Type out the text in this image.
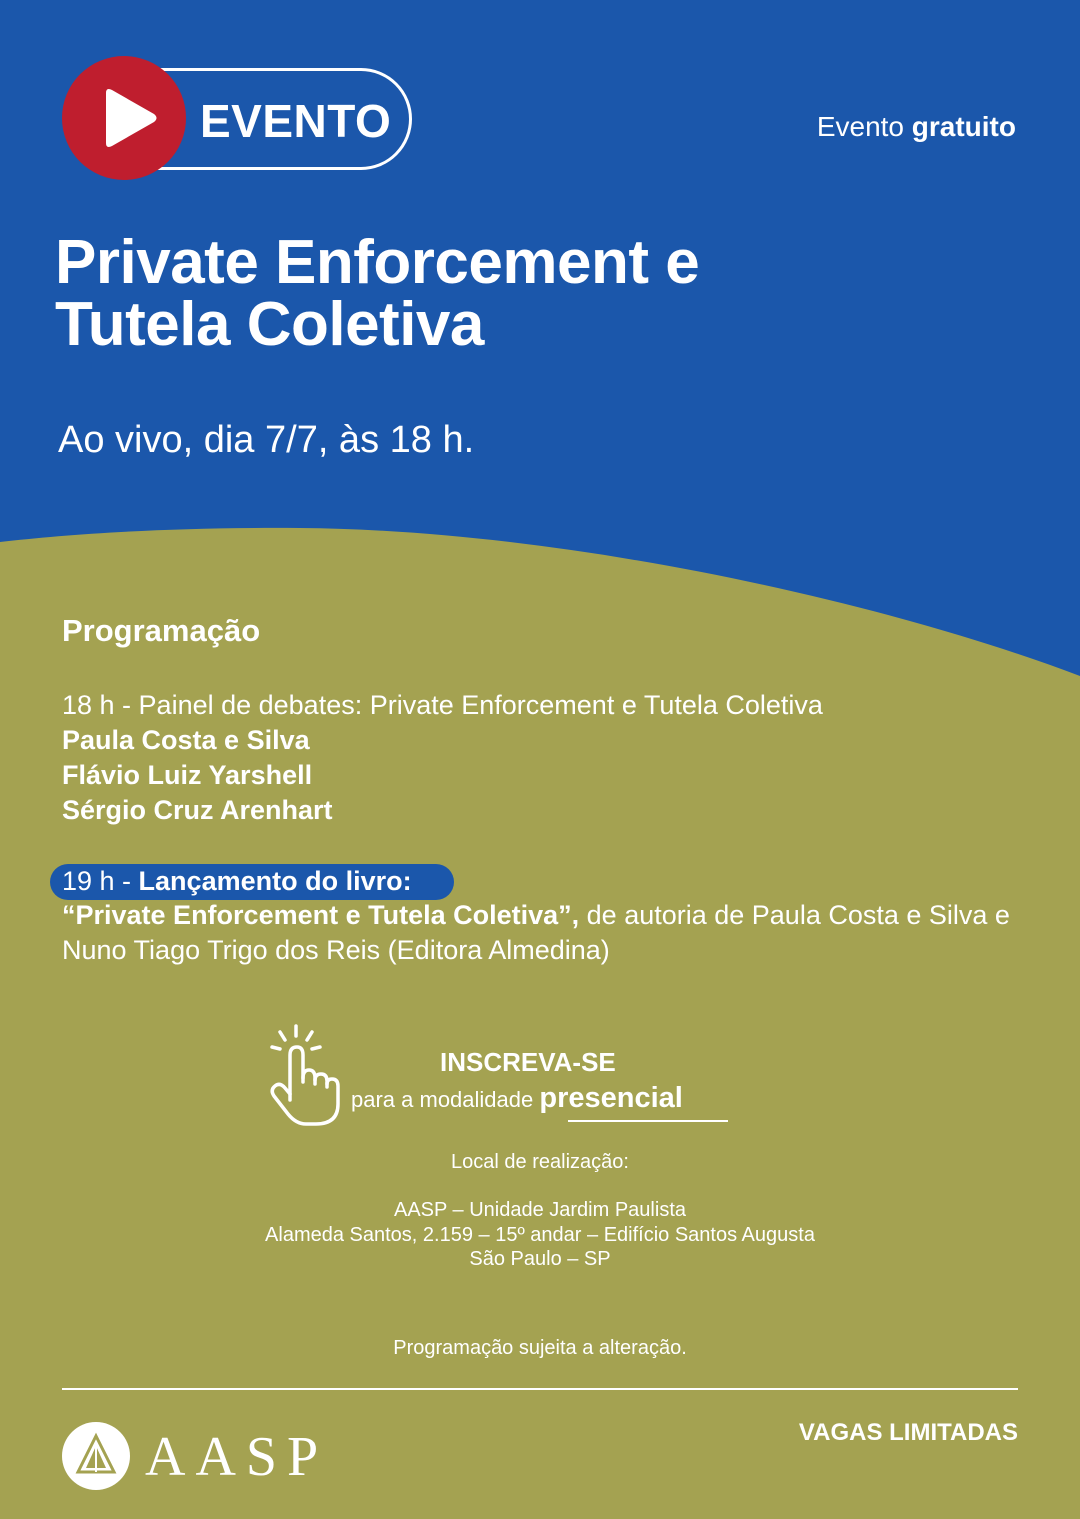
EVENTO	Evento gratuito
Private Enforcement e
Tutela Coletiva
Ao vivo, dia 7/7, às 18 h.
Programação
18 h - Painel de debates: Private Enforcement e Tutela Coletiva
Paula Costa e Silva
Flávio Luiz Yarshell
Sérgio Cruz Arenhart
19 h - Lançamento do livro:
“Private Enforcement e Tutela Coletiva”, de autoria de Paula Costa e Silva e Nuno Tiago Trigo dos Reis (Editora Almedina)
INSCREVA-SE
para a modalidade presencial
Local de realização:
AASP – Unidade Jardim Paulista
Alameda Santos, 2.159 – 15º andar – Edifício Santos Augusta
São Paulo – SP
Programação sujeita a alteração.
AASP	VAGAS LIMITADAS
